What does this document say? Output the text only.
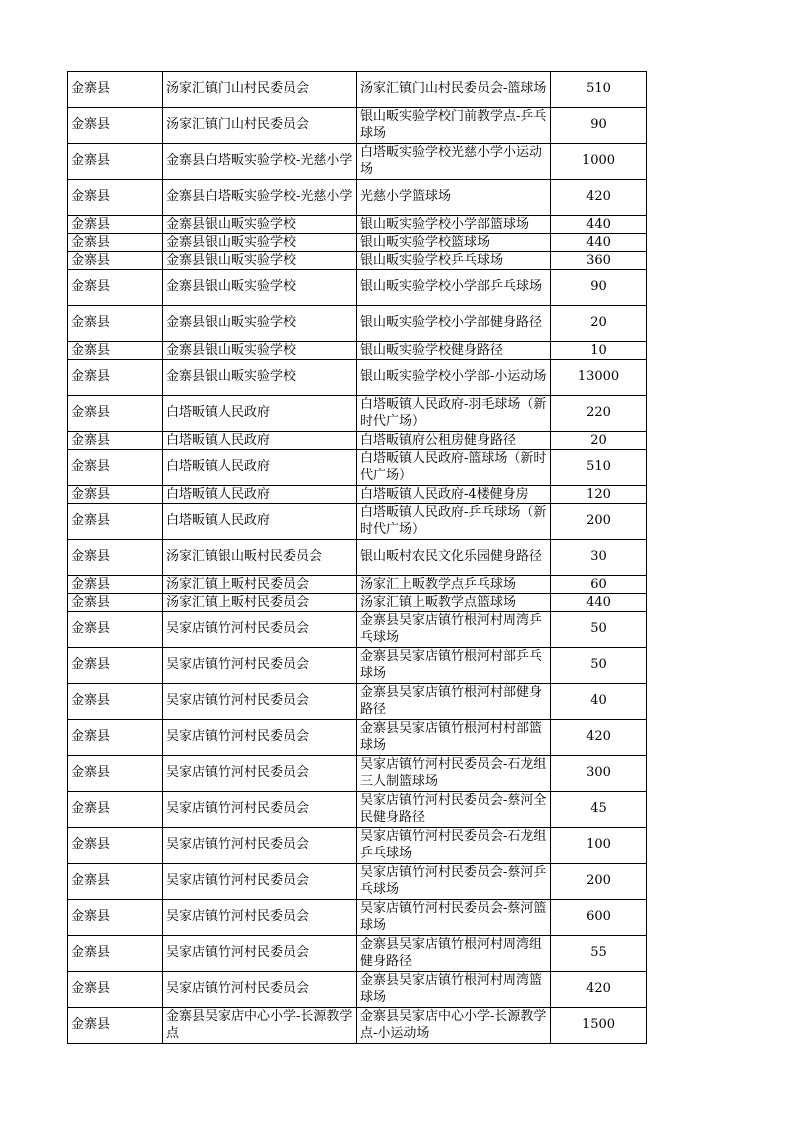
金寨县	汤家汇镇门山村民委员会	汤家汇镇门山村民委员会-篮球场	510
金寨县	汤家汇镇门山村民委员会	银山畈实验学校门前教学点-乒乓球场	90
金寨县	金寨县白塔畈实验学校-光慈小学	白塔畈实验学校光慈小学小运动场	1000
金寨县	金寨县白塔畈实验学校-光慈小学	光慈小学篮球场	420
金寨县	金寨县银山畈实验学校	银山畈实验学校小学部篮球场	440
金寨县	金寨县银山畈实验学校	银山畈实验学校篮球场	440
金寨县	金寨县银山畈实验学校	银山畈实验学校乒乓球场	360
金寨县	金寨县银山畈实验学校	银山畈实验学校小学部乒乓球场	90
金寨县	金寨县银山畈实验学校	银山畈实验学校小学部健身路径	20
金寨县	金寨县银山畈实验学校	银山畈实验学校健身路径	10
金寨县	金寨县银山畈实验学校	银山畈实验学校小学部-小运动场	13000
金寨县	白塔畈镇人民政府	白塔畈镇人民政府-羽毛球场（新时代广场）	220
金寨县	白塔畈镇人民政府	白塔畈镇府公租房健身路径	20
金寨县	白塔畈镇人民政府	白塔畈镇人民政府-篮球场（新时代广场）	510
金寨县	白塔畈镇人民政府	白塔畈镇人民政府-4楼健身房	120
金寨县	白塔畈镇人民政府	白塔畈镇人民政府-乒乓球场（新时代广场）	200
金寨县	汤家汇镇银山畈村民委员会	银山畈村农民文化乐园健身路径	30
金寨县	汤家汇镇上畈村民委员会	汤家汇上畈教学点乒乓球场	60
金寨县	汤家汇镇上畈村民委员会	汤家汇镇上畈教学点篮球场	440
金寨县	吴家店镇竹河村民委员会	金寨县吴家店镇竹根河村周湾乒乓球场	50
金寨县	吴家店镇竹河村民委员会	金寨县吴家店镇竹根河村部乒乓球场	50
金寨县	吴家店镇竹河村民委员会	金寨县吴家店镇竹根河村部健身路径	40
金寨县	吴家店镇竹河村民委员会	金寨县吴家店镇竹根河村村部篮球场	420
金寨县	吴家店镇竹河村民委员会	吴家店镇竹河村民委员会-石龙组三人制篮球场	300
金寨县	吴家店镇竹河村民委员会	吴家店镇竹河村民委员会-蔡河全民健身路径	45
金寨县	吴家店镇竹河村民委员会	吴家店镇竹河村民委员会-石龙组乒乓球场	100
金寨县	吴家店镇竹河村民委员会	吴家店镇竹河村民委员会-蔡河乒乓球场	200
金寨县	吴家店镇竹河村民委员会	吴家店镇竹河村民委员会-蔡河篮球场	600
金寨县	吴家店镇竹河村民委员会	金寨县吴家店镇竹根河村周湾组健身路径	55
金寨县	吴家店镇竹河村民委员会	金寨县吴家店镇竹根河村周湾篮球场	420
金寨县	金寨县吴家店中心小学-长源教学点	金寨县吴家店中心小学-长源教学点-小运动场	1500
